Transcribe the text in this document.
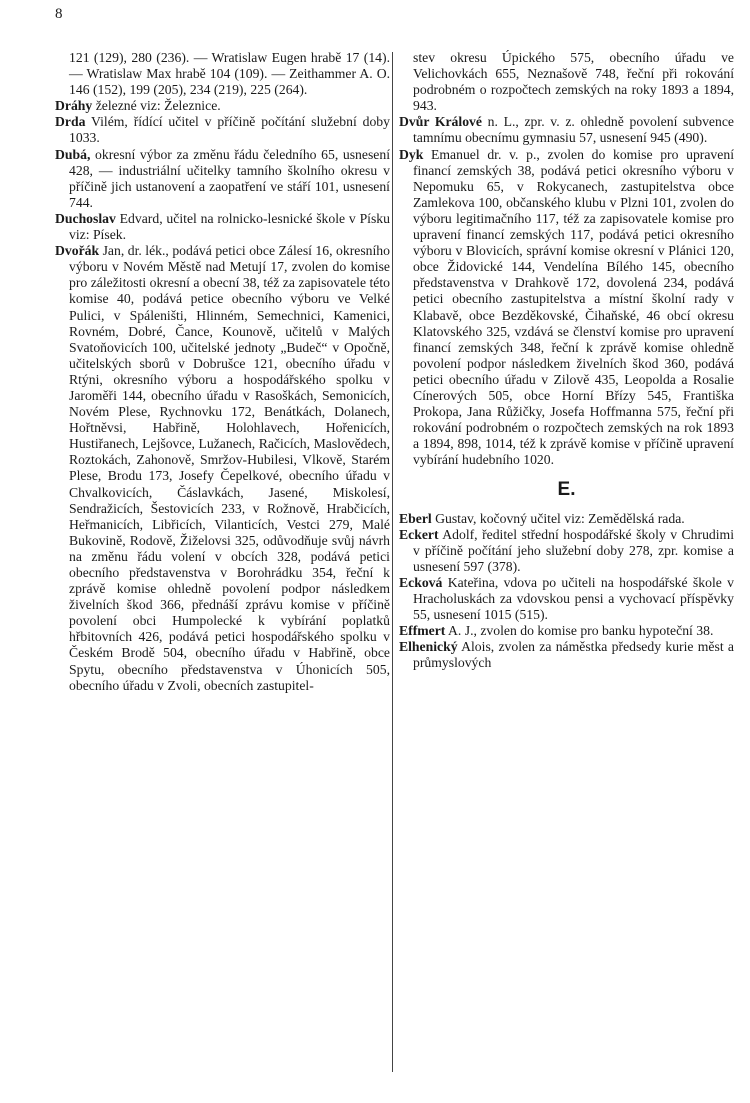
8

121 (129), 280 (236). — Wratislaw Eugen hrabě 17 (14). — Wratislaw Max hrabě 104 (109). — Zeithammer A. O. 146 (152), 199 (205), 234 (219), 225 (264).

Dráhy železné viz: Železnice.

Drda Vilém, řídící učitel v příčině počítání služební doby 1033.

Dubá, okresní výbor za změnu řádu čeledního 65, usnesení 428, — industriální učitelky tamního školního okresu v příčině jich ustanovení a zaopatření ve stáří 101, usnesení 744.

Duchoslav Edvard, učitel na rolnicko-lesnické škole v Písku viz: Písek.

Dvořák Jan, dr. lék., podává petici obce Zálesí 16, okresního výboru v Novém Městě nad Metují 17, zvolen do komise pro záležitosti okresní a obecní 38, též za zapisovatele této komise 40, podává petice obecního výboru ve Velké Pulici, v Spáleništi, Hlinném, Semechnici, Kamenici, Rovném, Dobré, Čance, Kounově, učitelů v Malých Svatoňovicích 100, učitelské jednoty „Budeč“ v Opočně, učitelských sborů v Dobrušce 121, obecního úřadu v Rtýni, okresního výboru a hospodářského spolku v Jaroměři 144, obecního úřadu v Rasoškách, Semonicích, Novém Plese, Rychnovku 172, Benátkách, Dolanech, Hořtněvsi, Habřině, Holohlavech, Hořenicích, Hustiřanech, Lejšovce, Lužanech, Račicích, Maslovědech, Roztokách, Zahonově, Smržov-Hubilesi, Vlkově, Starém Plese, Brodu 173, Josefy Čepelkové, obecního úřadu v Chvalkovicích, Čáslavkách, Jasené, Miskolesí, Sendražicích, Šestovicích 233, v Rožnově, Hrabčicích, Heřmanicích, Libřicích, Vilanticích, Vestci 279, Malé Bukovině, Rodově, Žiželovsi 325, odůvodňuje svůj návrh na změnu řádu volení v obcích 328, podává petici obecního představenstva v Borohrádku 354, řeční k zprávě komise ohledně povolení podpor následkem živelních škod 366, přednáší zprávu komise v příčině povolení obci Humpolecké k vybírání poplatků hřbitovních 426, podává petici hospodářského spolku v Českém Brodě 504, obecního úřadu v Habřině, obce Spytu, obecního představenstva v Úhonicích 505, obecního úřadu v Zvoli, obecních zastupitel-

stev okresu Úpického 575, obecního úřadu ve Velichovkách 655, Neznašově 748, řeční při rokování podrobném o rozpočtech zemských na roky 1893 a 1894, 943.

Dvůr Králové n. L., zpr. v. z. ohledně povolení subvence tamnímu obecnímu gymnasiu 57, usnesení 945 (490).

Dyk Emanuel dr. v. p., zvolen do komise pro upravení financí zemských 38, podává petici okresního výboru v Nepomuku 65, v Rokycanech, zastupitelstva obce Zamlekova 100, občanského klubu v Plzni 101, zvolen do výboru legitimačního 117, též za zapisovatele komise pro upravení financí zemských 117, podává petici okresního výboru v Blovicích, správní komise okresní v Plánici 120, obce Židovické 144, Vendelína Bílého 145, obecního představenstva v Drahkově 172, dovolená 234, podává petici obecního zastupitelstva a místní školní rady v Klabavě, obce Bezděkovské, Čihaňské, 46 obcí okresu Klatovského 325, vzdává se členství komise pro upravení financí zemských 348, řeční k zprávě komise ohledně povolení podpor následkem živelních škod 360, podává petici obecního úřadu v Zilově 435, Leopolda a Rosalie Cínerových 505, obce Horní Břízy 545, Františka Prokopa, Jana Růžičky, Josefa Hoffmanna 575, řeční při rokování podrobném o rozpočtech zemských na rok 1893 a 1894, 898, 1014, též k zprávě komise v příčině upravení vybírání hudebního 1020.

E.

Eberl Gustav, kočovný učitel viz: Zemědělská rada.

Eckert Adolf, ředitel střední hospodářské školy v Chrudimi v příčině počítání jeho služební doby 278, zpr. komise a usnesení 597 (378).

Ecková Kateřina, vdova po učiteli na hospodářské škole v Hracholuskách za vdovskou pensi a vychovací příspěvky 55, usnesení 1015 (515).

Effmert A. J., zvolen do komise pro banku hypoteční 38.

Elhenický Alois, zvolen za náměstka předsedy kurie měst a průmyslových
